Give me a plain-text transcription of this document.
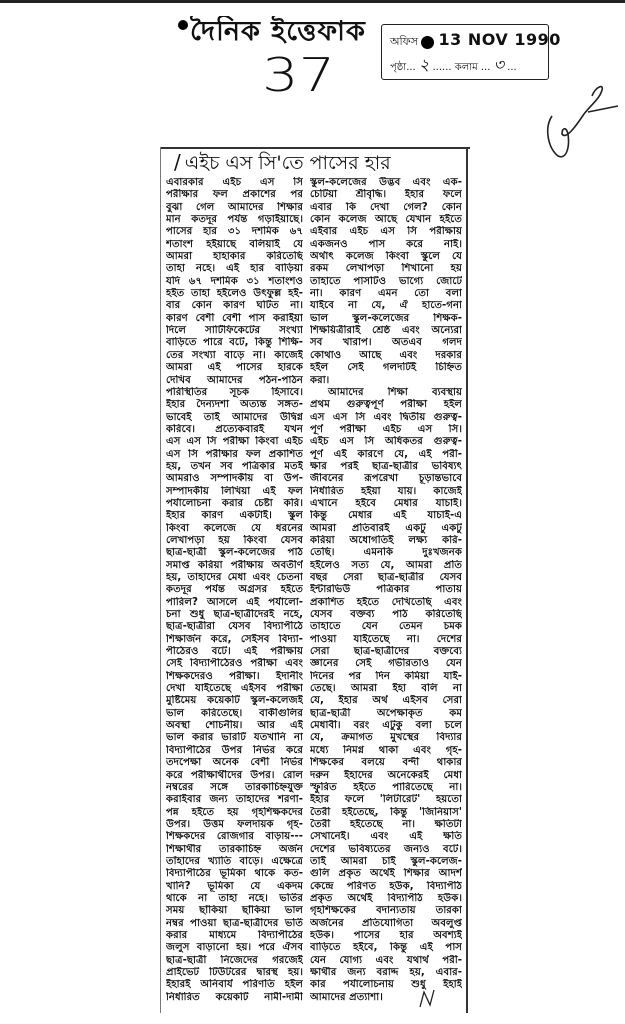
দৈনিক ইত্তেফাক
37
অফিস 13 NOV 1990
পৃষ্ঠা... ২ ...... কলাম ... ৩ ...
/ এইচ এস সি'তে পাসের হার
এবারকার এইচ এস সি
পরীক্ষার ফল প্রকাশের পর
বুঝা গেল আমাদের শিক্ষার
মান কতদূর পর্যন্ত গড়াইয়াছে।
পাসের হার ৩১ দশমিক ৬৭
শতাংশ হইয়াছে বলিয়াই যে
আমরা হাহাকার করিতেছি
তাহা নহে। এই হার বাড়িয়া
যদি ৬৭ দশমিক ৩১ শতাংশও
হইত তাহা হইলেও উৎফুল্ল হই-
বার কোন কারণ ঘটিত না।
কারণ বেশী বেশী পাস করাইয়া
দিলে সার্টিফিকেটের সংখ্যা
বাড়িতে পারে বটে, কিন্তু শিক্ষি-
তের সংখ্যা বাড়ে না। কাজেই
আমরা এই পাসের হারকে
দেখিব আমাদের পঠন-পাঠন
পরিস্থিতির সূচক হিসাবে।
ইহার দৈন্যদশা অত্যন্ত সঙ্গত-
ভাবেই তাই আমাদের উদ্বিগ্ন
করিবে। প্রত্যেকবারই যখন
এস এস সি পরীক্ষা কিংবা এইচ
এস সি পরীক্ষার ফল প্রকাশিত
হয়, তখন সব পত্রিকার মতই
আমরাও সম্পাদকীয় বা উপ-
সম্পাদকীয় লিখিয়া এই ফল
পর্যালোচনা করার চেষ্টা করি।
ইহার কারণ একটাই। স্কুল
কিংবা কলেজে যে ধরনের
লেখাপড়া হয় কিংবা যেসব
ছাত্র-ছাত্রী স্কুল-কলেজের পাঠ
সমাপ্ত করিয়া পরীক্ষায় অবতীর্ণ
হয়, তাহাদের মেধা এবং চেতনা
কতদূর পর্যন্ত অগ্রসর হইতে
পারিল? আসলে এই পর্যালো-
চনা শুধু ছাত্র-ছাত্রীদেরই নহে,
ছাত্র-ছাত্রীরা যেসব বিদ্যাপীঠে
শিক্ষার্জন করে, সেইসব বিদ্যা-
পীঠেরও বটে। এই পরীক্ষায়
সেই বিদ্যাপীঠেরও পরীক্ষা এবং
শিক্ষকদেরও পরীক্ষা। ইদানীং
দেখা যাইতেছে এইসব পরীক্ষা
মুষ্টিমেয় কয়েকটি স্কুল-কলেজই
ভাল করিতেছে। বাকীগুলির
অবস্থা শোচনীয়। আর এই
ভাল করার ভারটি যতখানি না
বিদ্যাপীঠের উপর নির্ভর করে
তদপেক্ষা অনেক বেশী নির্ভর
করে পরীক্ষার্থীদের উপর। রোল
নম্বরের সঙ্গে তারকাচিহ্নযুক্ত
করাইবার জন্য তাহাদের শরণা-
পন্ন হইতে হয় গৃহশিক্ষকদের
উপর। উত্তম ফলদায়ক গৃহ-
শিক্ষকদের রোজগার বাড়ায়---
শিক্ষার্থীর তারকাচিহ্ন অর্জন
তাঁহাদের খ্যাতি বাড়ে। এক্ষেত্রে
বিদ্যাপীঠের ভূমিকা থাকে কত-
খানি? ভূমিকা যে একদম
থাকে না তাহা নহে। ভর্তির
সময় ছাঁকিয়া ছাঁকিয়া ভাল
নম্বর পাওয়া ছাত্র-ছাত্রীদের ভর্তি
করার মাধ্যমে বিদ্যাপীঠের
জলুস বাড়ানো হয়। পরে ঐসব
ছাত্র-ছাত্রী নিজেদের গরজেই
প্রাইভেট টিউটরের দ্বারস্থ হয়।
ইহারই অনিবার্য পরিণতি হইল
নির্ধারিত কয়েকটি নামী-দামী
স্কুল-কলেজের উদ্ভব এবং এক-
চেটিয়া শ্রীবৃদ্ধি। ইহার ফলে
এবার কি দেখা গেল? কোন
কোন কলেজ আছে যেখান হইতে
এইবার এইচ এস সি পরীক্ষায়
একজনও পাস করে নাই।
অর্থাৎ কলেজ কিংবা স্কুলে যে
রকম লেখাপড়া শিখানো হয়
তাহাতে পাসটিও ভাগ্যে জোটে
না। কারণ এমন তো বলা
যাইবে না যে, ঐ হাতে-গনা
ভাল স্কুল-কলেজের শিক্ষক-
শিক্ষয়িত্রীরাই শ্রেষ্ঠ এবং অন্যেরা
সব খারাপ। অতএব গলদ
কোথাও আছে এবং দরকার
হইল সেই গলদটিই চিহ্নিত
করা।
আমাদের শিক্ষা ব্যবস্থায়
প্রথম গুরুত্বপূর্ণ পরীক্ষা হইল
এস এস সি এবং দ্বিতীয় গুরুত্ব-
পূর্ণ পরীক্ষা এইচ এস সি।
এইচ এস সি অধিকতর গুরুত্ব-
পূর্ণ এই কারণে যে, এই পরী-
ক্ষার পরই ছাত্র-ছাত্রীর ভবিষ্যৎ
জীবনের রূপরেখা চূড়ান্তভাবে
নির্ধারিত হইয়া যায়। কাজেই
এখানে হইবে মেধার যাচাই।
কিন্তু মেধার এই যাচাই-এ
আমরা প্রতিবারই একটু একটু
করিয়া অধোগতিই লক্ষ্য করি-
তেছি। এমনকি দুঃখজনক
হইলেও সত্য যে, আমরা প্রতি
বছর সেরা ছাত্র-ছাত্রীর যেসব
ইন্টারভিউ পত্রিকার পাতায়
প্রকাশিত হইতে দেখিতেছি এবং
যেসব বক্তব্য পাঠ করিতেছি
তাহাতে যেন তেমন চমক
পাওয়া যাইতেছে না। দেশের
সেরা ছাত্র-ছাত্রীদের বক্তব্যে
জ্ঞানের সেই গভীরতাও যেন
দিনের পর দিন কমিয়া যাই-
তেছে। আমরা ইহা বলি না
যে, ইহার অর্থ এইসব সেরা
ছাত্র-ছাত্রী অপেক্ষাকৃত কম
মেধাবী। বরং এটুকু বলা চলে
যে, ক্রমাগত মুখস্থের বিদ্যার
মধ্যে নিমগ্ন থাকা এবং গৃহ-
শিক্ষকের বলয়ে বন্দী থাকার
দরুন ইহাদের অনেকেরই মেধা
স্ফুরিত হইতে পারিতেছে না।
ইহার ফলে 'লিটারেট' হয়তো
তৈরী হইতেছে, কিন্তু 'জিনিয়াস'
তৈরী হইতেছে না। ক্ষতিটা
সেখানেই। এবং এই ক্ষতি
দেশের ভবিষ্যতের জন্যও বটে।
তাই আমরা চাই স্কুল-কলেজ-
গুলি প্রকৃত অর্থেই শিক্ষার আদর্শ
কেন্দ্রে পরিণত হউক, বিদ্যাপীঠ
প্রকৃত অর্থেই বিদ্যাপীঠ হউক।
গৃহশিক্ষকের বদান্যতায় তারকা
অর্জনের প্রতিযোগিতা অবলুপ্ত
হউক। পাসের হার অবশ্যই
বাড়িতে হইবে, কিন্তু এই পাস
যেন যোগ্য এবং যথার্থ পরী-
ক্ষার্থীর জন্য বরাদ্দ হয়, এবার-
কার পর্যালোচনায় শুধু ইহাই
আমাদের প্রত্যাশা।
